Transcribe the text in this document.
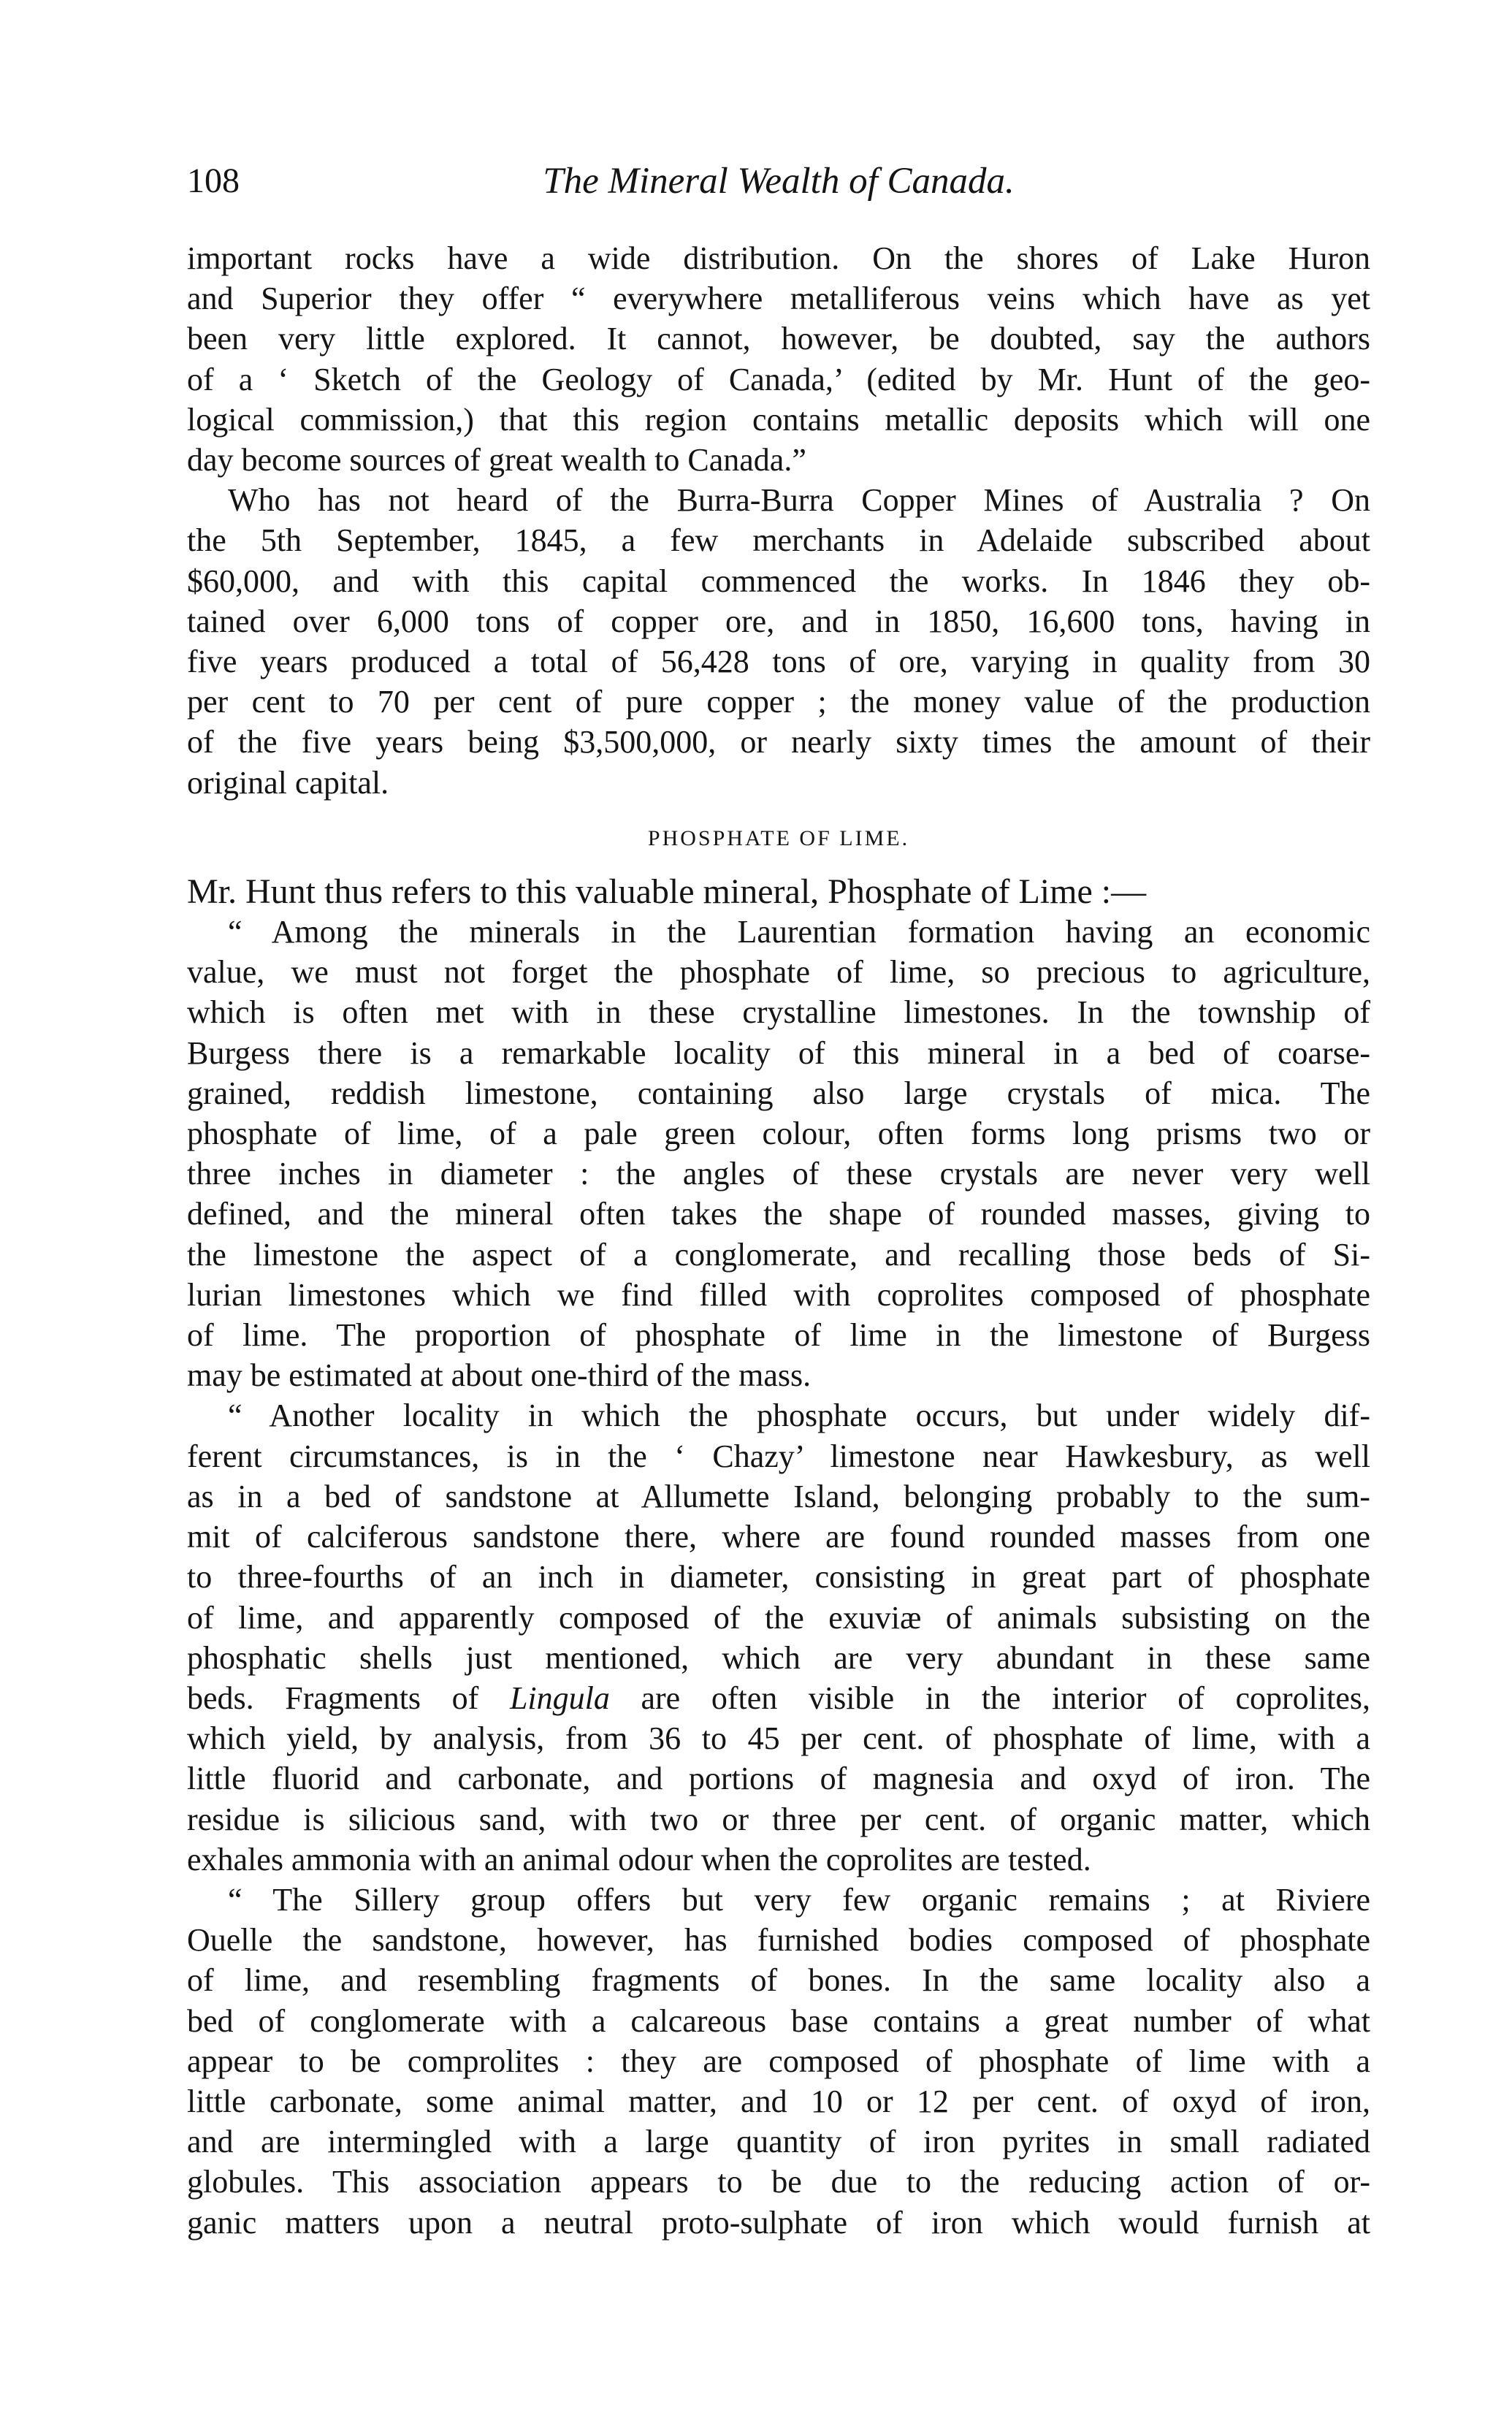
108	The Mineral Wealth of Canada.
important rocks have a wide distribution. On the shores of Lake Huron
and Superior they offer “ everywhere metalliferous veins which have as yet
been very little explored. It cannot, however, be doubted, say the authors
of a ‘ Sketch of the Geology of Canada,’ (edited by Mr. Hunt of the geo-
logical commission,) that this region contains metallic deposits which will one
day become sources of great wealth to Canada.”
Who has not heard of the Burra-Burra Copper Mines of Australia ? On
the 5th September, 1845, a few merchants in Adelaide subscribed about
$60,000, and with this capital commenced the works. In 1846 they ob-
tained over 6,000 tons of copper ore, and in 1850, 16,600 tons, having in
five years produced a total of 56,428 tons of ore, varying in quality from 30
per cent to 70 per cent of pure copper ; the money value of the production
of the five years being $3,500,000, or nearly sixty times the amount of their
original capital.
PHOSPHATE OF LIME.
Mr. Hunt thus refers to this valuable mineral, Phosphate of Lime :—
“ Among the minerals in the Laurentian formation having an economic
value, we must not forget the phosphate of lime, so precious to agriculture,
which is often met with in these crystalline limestones. In the township of
Burgess there is a remarkable locality of this mineral in a bed of coarse-
grained, reddish limestone, containing also large crystals of mica. The
phosphate of lime, of a pale green colour, often forms long prisms two or
three inches in diameter : the angles of these crystals are never very well
defined, and the mineral often takes the shape of rounded masses, giving to
the limestone the aspect of a conglomerate, and recalling those beds of Si-
lurian limestones which we find filled with coprolites composed of phosphate
of lime. The proportion of phosphate of lime in the limestone of Burgess
may be estimated at about one-third of the mass.
“ Another locality in which the phosphate occurs, but under widely dif-
ferent circumstances, is in the ‘ Chazy’ limestone near Hawkesbury, as well
as in a bed of sandstone at Allumette Island, belonging probably to the sum-
mit of calciferous sandstone there, where are found rounded masses from one
to three-fourths of an inch in diameter, consisting in great part of phosphate
of lime, and apparently composed of the exuviæ of animals subsisting on the
phosphatic shells just mentioned, which are very abundant in these same
beds. Fragments of Lingula are often visible in the interior of coprolites,
which yield, by analysis, from 36 to 45 per cent. of phosphate of lime, with a
little fluorid and carbonate, and portions of magnesia and oxyd of iron. The
residue is silicious sand, with two or three per cent. of organic matter, which
exhales ammonia with an animal odour when the coprolites are tested.
“ The Sillery group offers but very few organic remains ; at Riviere
Ouelle the sandstone, however, has furnished bodies composed of phosphate
of lime, and resembling fragments of bones. In the same locality also a
bed of conglomerate with a calcareous base contains a great number of what
appear to be comprolites : they are composed of phosphate of lime with a
little carbonate, some animal matter, and 10 or 12 per cent. of oxyd of iron,
and are intermingled with a large quantity of iron pyrites in small radiated
globules. This association appears to be due to the reducing action of or-
ganic matters upon a neutral proto-sulphate of iron which would furnish at
